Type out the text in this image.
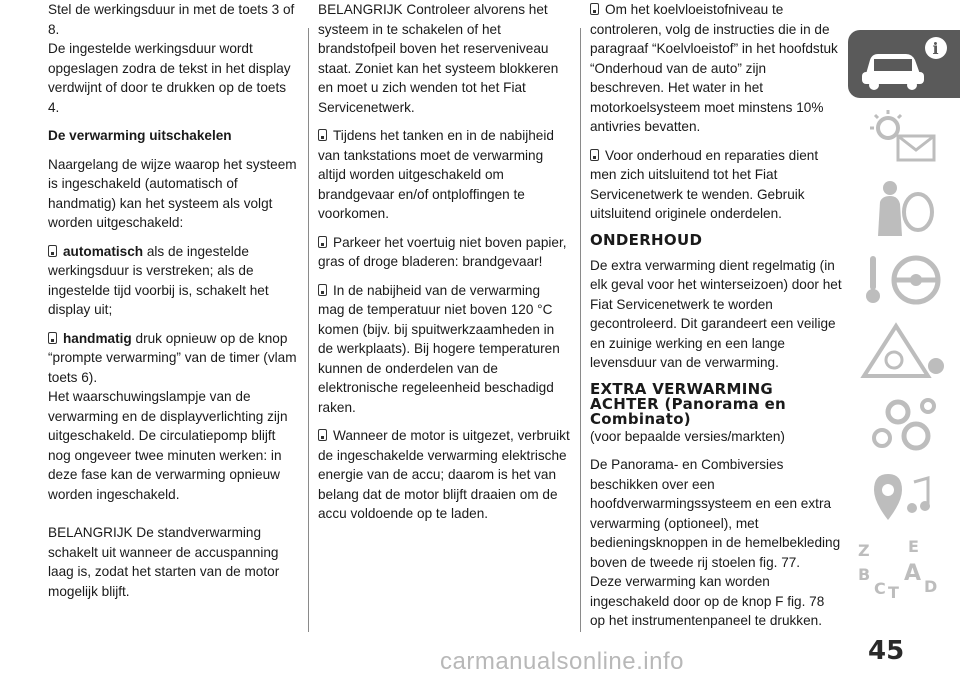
Stel de werkingsduur in met de toets 3 of 8.

De ingestelde werkingsduur wordt opgeslagen zodra de tekst in het display verdwijnt of door te drukken op de toets 4.

De verwarming uitschakelen

Naargelang de wijze waarop het systeem is ingeschakeld (automatisch of handmatig) kan het systeem als volgt worden uitgeschakeld:

automatisch als de ingestelde werkingsduur is verstreken; als de ingestelde tijd voorbij is, schakelt het display uit;

handmatig druk opnieuw op de knop “prompte verwarming” van de timer (vlam toets 6).

Het waarschuwingslampje van de verwarming en de displayverlichting zijn uitgeschakeld. De circulatiepomp blijft nog ongeveer twee minuten werken: in deze fase kan de verwarming opnieuw worden ingeschakeld.

BELANGRIJK De standverwarming schakelt uit wanneer de accuspanning laag is, zodat het starten van de motor mogelijk blijft.

BELANGRIJK Controleer alvorens het systeem in te schakelen of het brandstofpeil boven het reserveniveau staat. Zoniet kan het systeem blokkeren en moet u zich wenden tot het Fiat Servicenetwerk.

Tijdens het tanken en in de nabijheid van tankstations moet de verwarming altijd worden uitgeschakeld om brandgevaar en/of ontploffingen te voorkomen.

Parkeer het voertuig niet boven papier, gras of droge bladeren: brandgevaar!

In de nabijheid van de verwarming mag de temperatuur niet boven 120 °C komen (bijv. bij spuitwerkzaamheden in de werkplaats). Bij hogere temperaturen kunnen de onderdelen van de elektronische regeleenheid beschadigd raken.

Wanneer de motor is uitgezet, verbruikt de ingeschakelde verwarming elektrische energie van de accu; daarom is het van belang dat de motor blijft draaien om de accu voldoende op te laden.

Om het koelvloeistofniveau te controleren, volg de instructies die in de paragraaf “Koelvloeistof” in het hoofdstuk “Onderhoud van de auto” zijn beschreven. Het water in het motorkoelsysteem moet minstens 10% antivries bevatten.

Voor onderhoud en reparaties dient men zich uitsluitend tot het Fiat Servicenetwerk te wenden. Gebruik uitsluitend originele onderdelen.

ONDERHOUD

De extra verwarming dient regelmatig (in elk geval voor het winterseizoen) door het Fiat Servicenetwerk te worden gecontroleerd. Dit garandeert een veilige en zuinige werking en een lange levensduur van de verwarming.

EXTRA VERWARMING ACHTER (Panorama en Combinato)

(voor bepaalde versies/markten)

De Panorama- en Combiversies beschikken over een hoofdverwarmingssysteem en een extra verwarming (optioneel), met bedieningsknoppen in de hemelbekleding boven de tweede rij stoelen fig. 77.

Deze verwarming kan worden ingeschakeld door op de knop F fig. 78 op het instrumentenpaneel te drukken.

i
Z E
B A
C T D
45
carmanualsonline.info
